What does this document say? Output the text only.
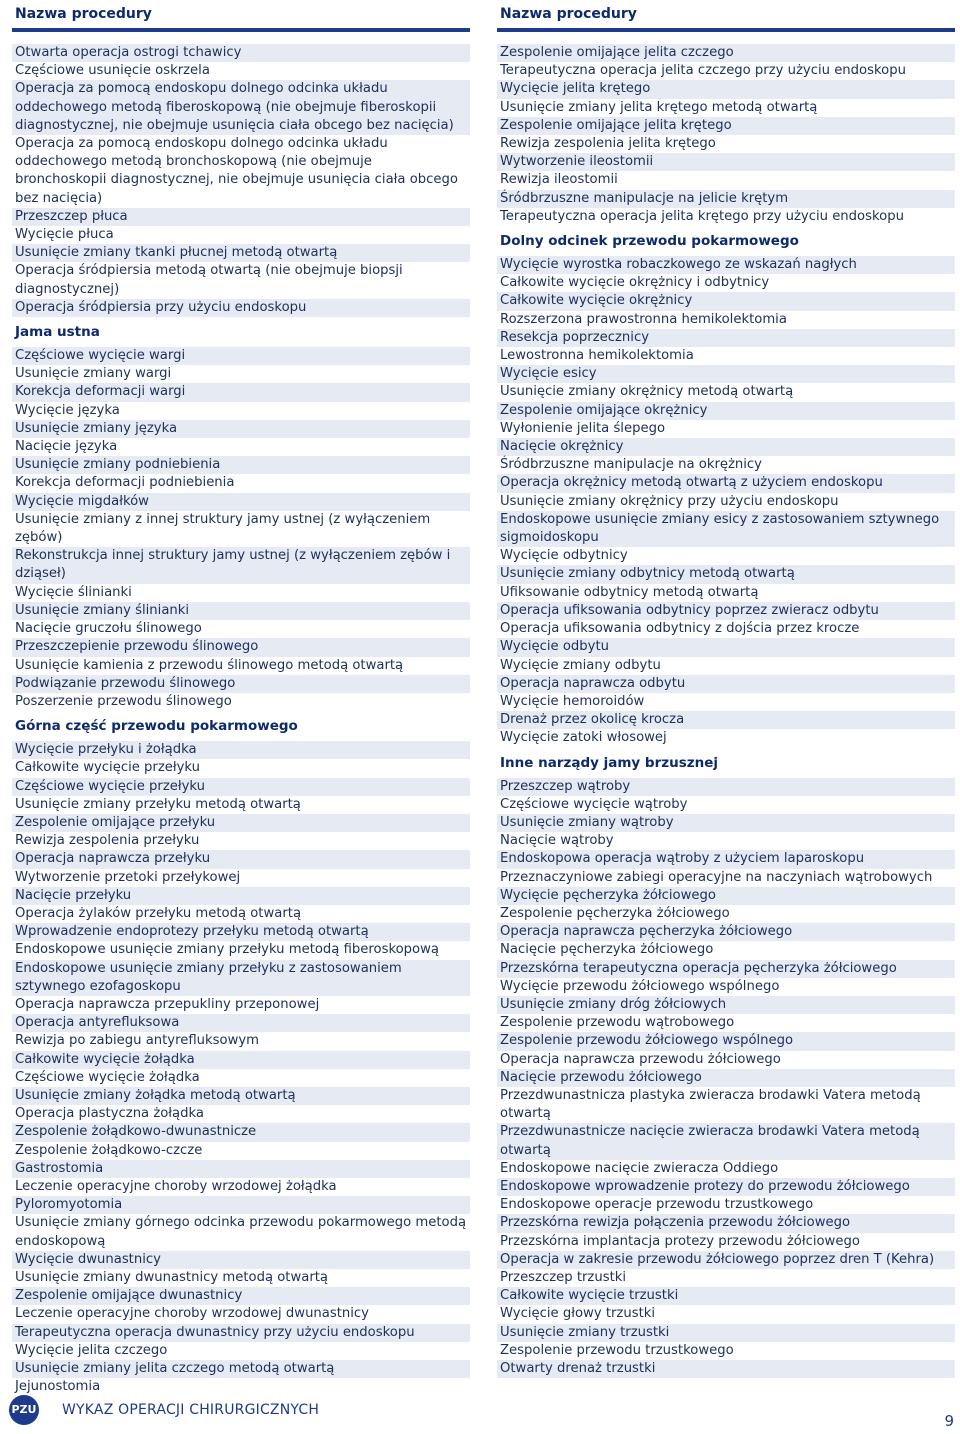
Nazwa procedury
Otwarta operacja ostrogi tchawicy
Częściowe usunięcie oskrzela
Operacja za pomocą endoskopu dolnego odcinka układu oddechowego metodą fiberoskopową (nie obejmuje fiberoskopii diagnostycznej, nie obejmuje usunięcia ciała obcego bez nacięcia)
Operacja za pomocą endoskopu dolnego odcinka układu oddechowego metodą bronchoskopową (nie obejmuje bronchoskopii diagnostycznej, nie obejmuje usunięcia ciała obcego bez nacięcia)
Przeszczep płuca
Wycięcie płuca
Usunięcie zmiany tkanki płucnej metodą otwartą
Operacja śródpiersia metodą otwartą (nie obejmuje biopsji diagnostycznej)
Operacja śródpiersia przy użyciu endoskopu
Jama ustna
Częściowe wycięcie wargi
Usunięcie zmiany wargi
Korekcja deformacji wargi
Wycięcie języka
Usunięcie zmiany języka
Nacięcie języka
Usunięcie zmiany podniebienia
Korekcja deformacji podniebienia
Wycięcie migdałków
Usunięcie zmiany z innej struktury jamy ustnej (z wyłączeniem zębów)
Rekonstrukcja innej struktury jamy ustnej (z wyłączeniem zębów i dziąseł)
Wycięcie ślinianki
Usunięcie zmiany ślinianki
Nacięcie gruczołu ślinowego
Przeszczepienie przewodu ślinowego
Usunięcie kamienia z przewodu ślinowego metodą otwartą
Podwiązanie przewodu ślinowego
Poszerzenie przewodu ślinowego
Górna część przewodu pokarmowego
Wycięcie przełyku i żołądka
Całkowite wycięcie przełyku
Częściowe wycięcie przełyku
Usunięcie zmiany przełyku metodą otwartą
Zespolenie omijające przełyku
Rewizja zespolenia przełyku
Operacja naprawcza przełyku
Wytworzenie przetoki przełykowej
Nacięcie przełyku
Operacja żylaków przełyku metodą otwartą
Wprowadzenie endoprotezy przełyku metodą otwartą
Endoskopowe usunięcie zmiany przełyku metodą fiberoskopową
Endoskopowe usunięcie zmiany przełyku z zastosowaniem sztywnego ezofagoskopu
Operacja naprawcza przepukliny przeponowej
Operacja antyrefluksowa
Rewizja po zabiegu antyrefluksowym
Całkowite wycięcie żołądka
Częściowe wycięcie żołądka
Usunięcie zmiany żołądka metodą otwartą
Operacja plastyczna żołądka
Zespolenie żołądkowo-dwunastnicze
Zespolenie żołądkowo-czcze
Gastrostomia
Leczenie operacyjne choroby wrzodowej żołądka
Pyloromyotomia
Usunięcie zmiany górnego odcinka przewodu pokarmowego metodą endoskopową
Wycięcie dwunastnicy
Usunięcie zmiany dwunastnicy metodą otwartą
Zespolenie omijające dwunastnicy
Leczenie operacyjne choroby wrzodowej dwunastnicy
Terapeutyczna operacja dwunastnicy przy użyciu endoskopu
Wycięcie jelita czczego
Usunięcie zmiany jelita czczego metodą otwartą
Jejunostomia
Nazwa procedury
Zespolenie omijające jelita czczego
Terapeutyczna operacja jelita czczego przy użyciu endoskopu
Wycięcie jelita krętego
Usunięcie zmiany jelita krętego metodą otwartą
Zespolenie omijające jelita krętego
Rewizja zespolenia jelita krętego
Wytworzenie ileostomii
Rewizja ileostomii
Śródbrzuszne manipulacje na jelicie krętym
Terapeutyczna operacja jelita krętego przy użyciu endoskopu
Dolny odcinek przewodu pokarmowego
Wycięcie wyrostka robaczkowego ze wskazań nagłych
Całkowite wycięcie okrężnicy i odbytnicy
Całkowite wycięcie okrężnicy
Rozszerzona prawostronna hemikolektomia
Resekcja poprzecznicy
Lewostronna hemikolektomia
Wycięcie esicy
Usunięcie zmiany okrężnicy metodą otwartą
Zespolenie omijające okrężnicy
Wyłonienie jelita ślepego
Nacięcie okrężnicy
Śródbrzuszne manipulacje na okrężnicy
Operacja okrężnicy metodą otwartą z użyciem endoskopu
Usunięcie zmiany okrężnicy przy użyciu endoskopu
Endoskopowe usunięcie zmiany esicy z zastosowaniem sztywnego sigmoidoskopu
Wycięcie odbytnicy
Usunięcie zmiany odbytnicy metodą otwartą
Ufiksowanie odbytnicy metodą otwartą
Operacja ufiksowania odbytnicy poprzez zwieracz odbytu
Operacja ufiksowania odbytnicy z dojścia przez krocze
Wycięcie odbytu
Wycięcie zmiany odbytu
Operacja naprawcza odbytu
Wycięcie hemoroidów
Drenaż przez okolicę krocza
Wycięcie zatoki włosowej
Inne narządy jamy brzusznej
Przeszczep wątroby
Częściowe wycięcie wątroby
Usunięcie zmiany wątroby
Nacięcie wątroby
Endoskopowa operacja wątroby z użyciem laparoskopu
Przeznaczyniowe zabiegi operacyjne na naczyniach wątrobowych
Wycięcie pęcherzyka żółciowego
Zespolenie pęcherzyka żółciowego
Operacja naprawcza pęcherzyka żółciowego
Nacięcie pęcherzyka żółciowego
Przezskórna terapeutyczna operacja pęcherzyka żółciowego
Wycięcie przewodu żółciowego wspólnego
Usunięcie zmiany dróg żółciowych
Zespolenie przewodu wątrobowego
Zespolenie przewodu żółciowego wspólnego
Operacja naprawcza przewodu żółciowego
Nacięcie przewodu żółciowego
Przezdwunastnicza plastyka zwieracza brodawki Vatera metodą otwartą
Przezdwunastnicze nacięcie zwieracza brodawki Vatera metodą otwartą
Endoskopowe nacięcie zwieracza Oddiego
Endoskopowe wprowadzenie protezy do przewodu żółciowego
Endoskopowe operacje przewodu trzustkowego
Przezskórna rewizja połączenia przewodu żółciowego
Przezskórna implantacja protezy przewodu żółciowego
Operacja w zakresie przewodu żółciowego poprzez dren T (Kehra)
Przeszczep trzustki
Całkowite wycięcie trzustki
Wycięcie głowy trzustki
Usunięcie zmiany trzustki
Zespolenie przewodu trzustkowego
Otwarty drenaż trzustki
PZU WYKAZ OPERACJI CHIRURGICZNYCH
9
